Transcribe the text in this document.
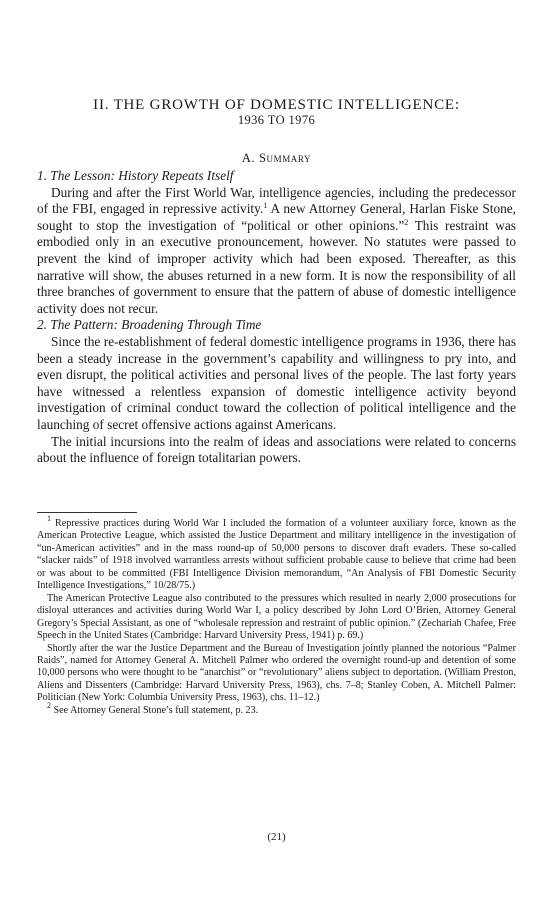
II. THE GROWTH OF DOMESTIC INTELLIGENCE:
1936 TO 1976
A. Summary

1. The Lesson: History Repeats Itself

During and after the First World War, intelligence agencies, including the predecessor of the FBI, engaged in repressive activity.$^1$ A new Attorney General, Harlan Fiske Stone, sought to stop the investigation of “political or other opinions.”$^2$ This restraint was embodied only in an executive pronouncement, however. No statutes were passed to prevent the kind of improper activity which had been exposed. Thereafter, as this narrative will show, the abuses returned in a new form. It is now the responsibility of all three branches of government to ensure that the pattern of abuse of domestic intelligence activity does not recur.

2. The Pattern: Broadening Through Time

Since the re-establishment of federal domestic intelligence programs in 1936, there has been a steady increase in the government’s capability and willingness to pry into, and even disrupt, the political activities and personal lives of the people. The last forty years have witnessed a relentless expansion of domestic intelligence activity beyond investigation of criminal conduct toward the collection of political intelligence and the launching of secret offensive actions against Americans.

The initial incursions into the realm of ideas and associations were related to concerns about the influence of foreign totalitarian powers.

$^1$ Repressive practices during World War I included the formation of a volunteer auxiliary force, known as the American Protective League, which assisted the Justice Department and military intelligence in the investigation of “un-American activities” and in the mass round-up of 50,000 persons to discover draft evaders. These so-called “slacker raids” of 1918 involved warrantless arrests without sufficient probable cause to believe that crime had been or was about to be committed (FBI Intelligence Division memorandum, “An Analysis of FBI Domestic Security Intelligence Investigations,” 10/28/75.)

The American Protective League also contributed to the pressures which resulted in nearly 2,000 prosecutions for disloyal utterances and activities during World War I, a policy described by John Lord O’Brien, Attorney General Gregory’s Special Assistant, as one of “wholesale repression and restraint of public opinion.” (Zechariah Chafee, Free Speech in the United States (Cambridge: Harvard University Press, 1941) p. 69.)

Shortly after the war the Justice Department and the Bureau of Investigation jointly planned the notorious “Palmer Raids”, named for Attorney General A. Mitchell Palmer who ordered the overnight round-up and detention of some 10,000 persons who were thought to be “anarchist” or “revolutionary” aliens subject to deportation. (William Preston, Aliens and Dissenters (Cambridge: Harvard University Press, 1963), chs. 7–8; Stanley Coben, A. Mitchell Palmer: Politician (New York: Columbia University Press, 1963), chs. 11–12.)

$^2$ See Attorney General Stone’s full statement, p. 23.

(21)
